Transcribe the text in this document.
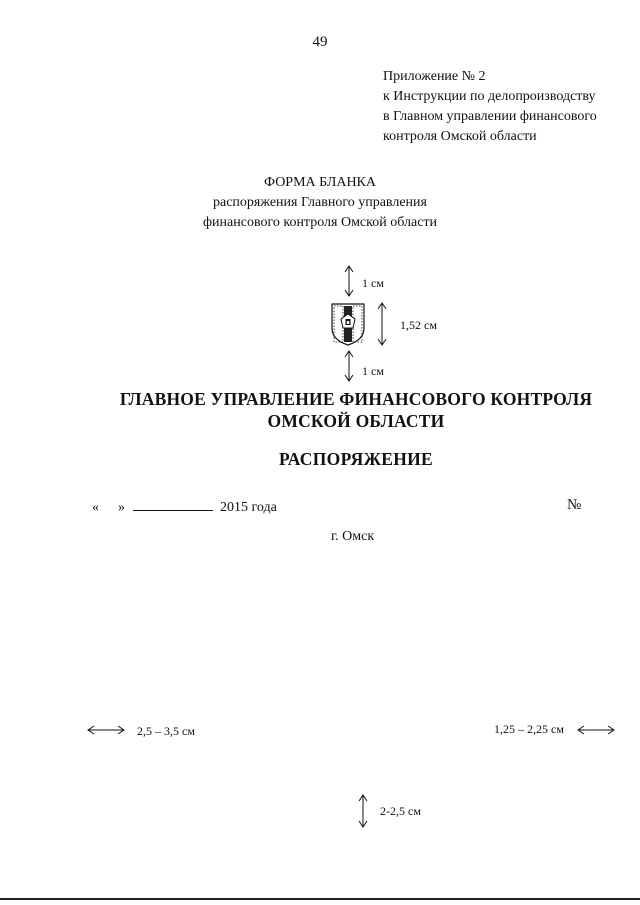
49
Приложение № 2
к Инструкции по делопроизводству
в Главном управлении финансового
контроля Омской области
ФОРМА БЛАНКА
распоряжения Главного управления
финансового контроля Омской области
1 см
1,52 см
1 см
ГЛАВНОЕ УПРАВЛЕНИЕ ФИНАНСОВОГО КОНТРОЛЯ
ОМСКОЙ ОБЛАСТИ
РАСПОРЯЖЕНИЕ
« »	2015 года	№
г. Омск
2,5 – 3,5 см	1,25 – 2,25 см
2-2,5 см
